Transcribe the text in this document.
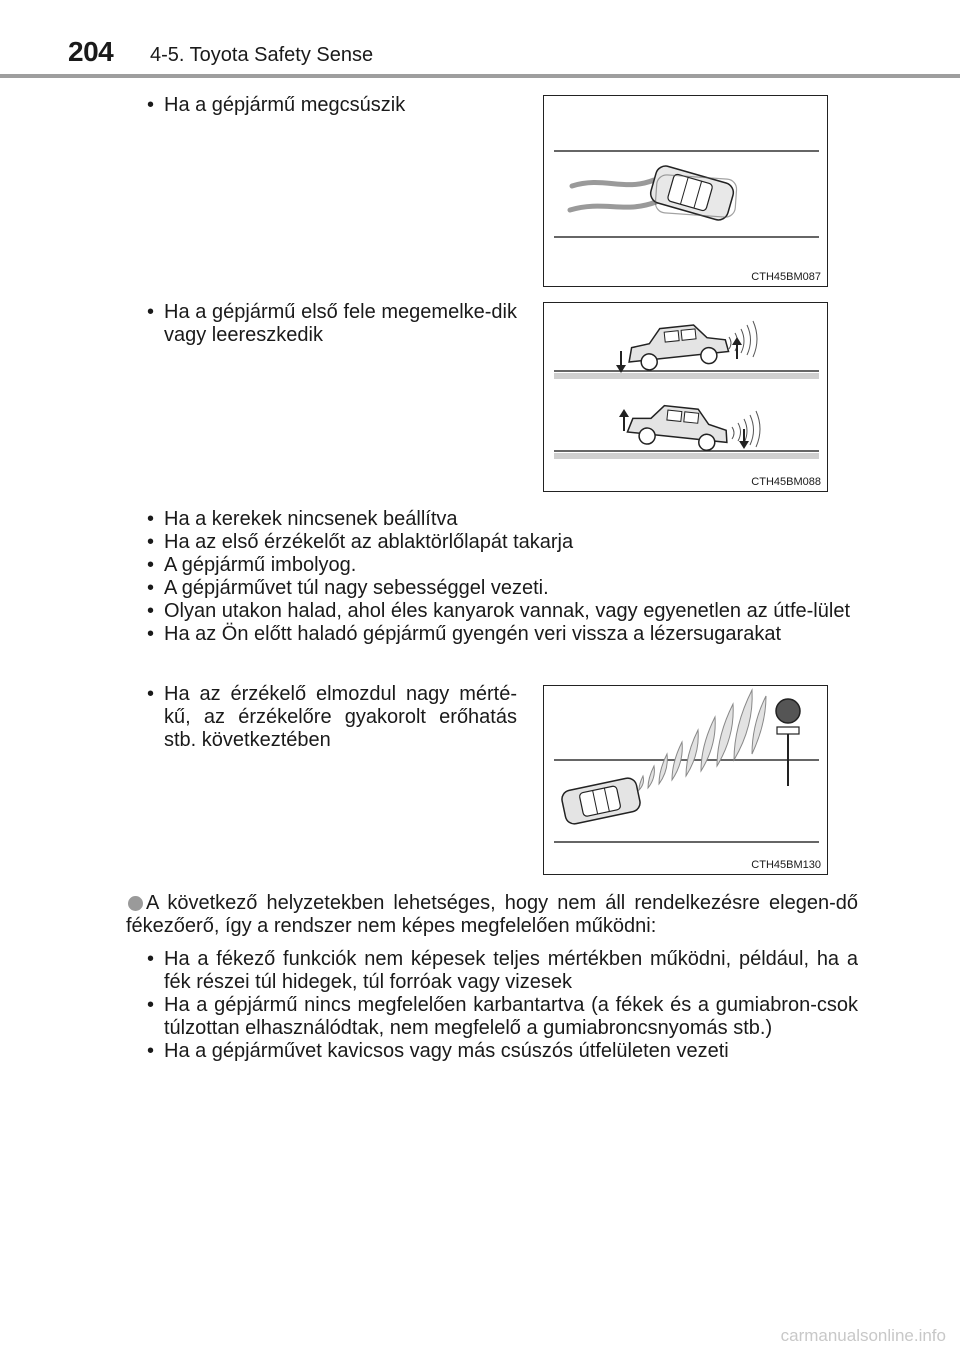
204 4-5. Toyota Safety Sense
• Ha a gépjármű megcsúszik
CTH45BM087
• Ha a gépjármű első fele megemelke-dik vagy leereszkedik
CTH45BM088
• Ha a kerekek nincsenek beállítva
• Ha az első érzékelőt az ablaktörlőlapát takarja
• A gépjármű imbolyog.
• A gépjárművet túl nagy sebességgel vezeti.
• Olyan utakon halad, ahol éles kanyarok vannak, vagy egyenetlen az útfe-lület
• Ha az Ön előtt haladó gépjármű gyengén veri vissza a lézersugarakat
• Ha az érzékelő elmozdul nagy mérté-kű, az érzékelőre gyakorolt erőhatás stb. következtében
CTH45BM130
A következő helyzetekben lehetséges, hogy nem áll rendelkezésre elegen-dő fékezőerő, így a rendszer nem képes megfelelően működni:
• Ha a fékező funkciók nem képesek teljes mértékben működni, például, ha a fék részei túl hidegek, túl forróak vagy vizesek
• Ha a gépjármű nincs megfelelően karbantartva (a fékek és a gumiabron-csok túlzottan elhasználódtak, nem megfelelő a gumiabroncsnyomás stb.)
• Ha a gépjárművet kavicsos vagy más csúszós útfelületen vezeti
carmanualsonline.info
